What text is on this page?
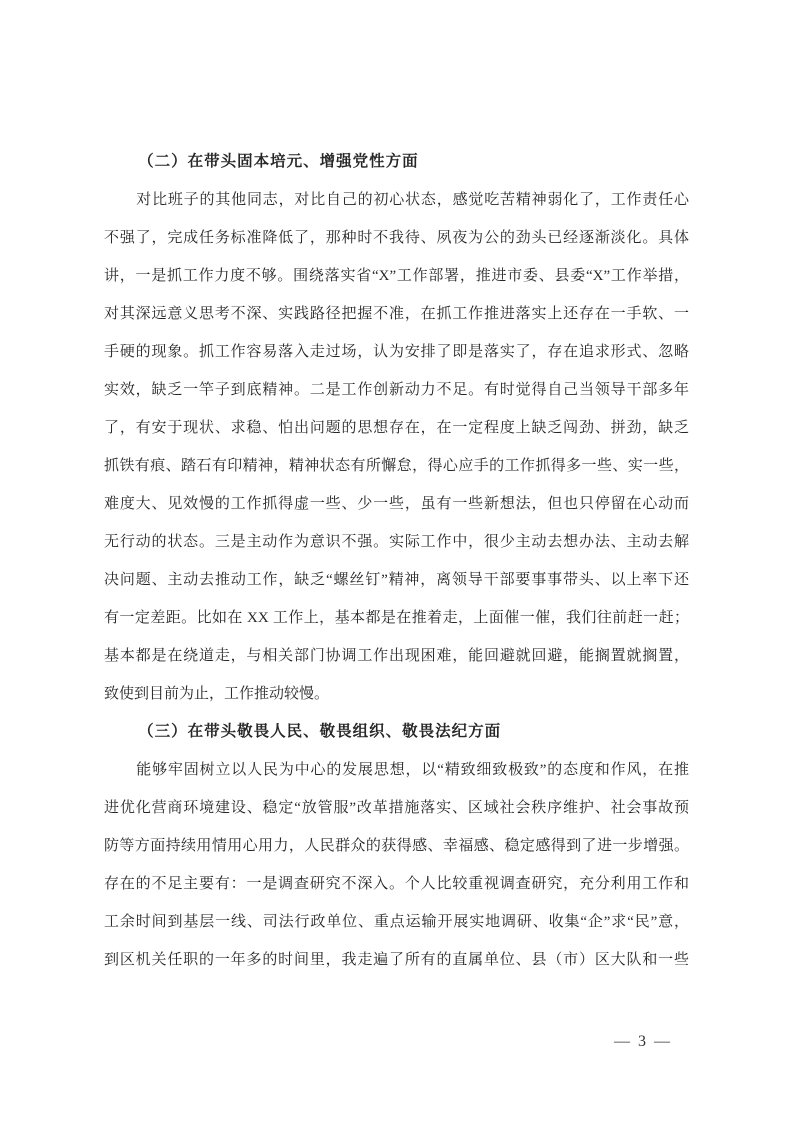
（二）在带头固本培元、增强党性方面
对比班子的其他同志，对比自己的初心状态，感觉吃苦精神弱化了，工作责任心
不强了，完成任务标准降低了，那种时不我待、夙夜为公的劲头已经逐渐淡化。具体
讲，一是抓工作力度不够。围绕落实省“X”工作部署，推进市委、县委“X”工作举措，
对其深远意义思考不深、实践路径把握不准，在抓工作推进落实上还存在一手软、一
手硬的现象。抓工作容易落入走过场，认为安排了即是落实了，存在追求形式、忽略
实效，缺乏一竿子到底精神。二是工作创新动力不足。有时觉得自己当领导干部多年
了，有安于现状、求稳、怕出问题的思想存在，在一定程度上缺乏闯劲、拼劲，缺乏
抓铁有痕、踏石有印精神，精神状态有所懈怠，得心应手的工作抓得多一些、实一些，
难度大、见效慢的工作抓得虚一些、少一些，虽有一些新想法，但也只停留在心动而
无行动的状态。三是主动作为意识不强。实际工作中，很少主动去想办法、主动去解
决问题、主动去推动工作，缺乏“螺丝钉”精神，离领导干部要事事带头、以上率下还
有一定差距。比如在 XX 工作上，基本都是在推着走，上面催一催，我们往前赶一赶；
基本都是在绕道走，与相关部门协调工作出现困难，能回避就回避，能搁置就搁置，
致使到目前为止，工作推动较慢。
（三）在带头敬畏人民、敬畏组织、敬畏法纪方面
能够牢固树立以人民为中心的发展思想，以“精致细致极致”的态度和作风，在推
进优化营商环境建设、稳定“放管服”改革措施落实、区域社会秩序维护、社会事故预
防等方面持续用情用心用力，人民群众的获得感、幸福感、稳定感得到了进一步增强。
存在的不足主要有：一是调查研究不深入。个人比较重视调查研究，充分利用工作和
工余时间到基层一线、司法行政单位、重点运输开展实地调研、收集“企”求“民”意，
到区机关任职的一年多的时间里，我走遍了所有的直属单位、县（市）区大队和一些
— 3 —
